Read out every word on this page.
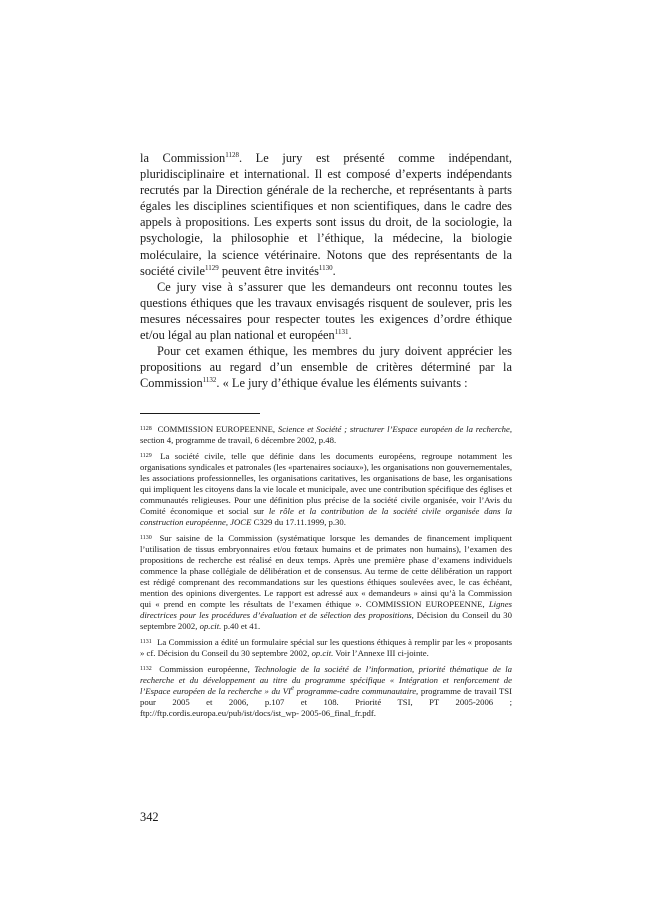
la Commission$^{1128}$. Le jury est présenté comme indépendant, pluridisciplinaire et international. Il est composé d’experts indépendants recrutés par la Direction générale de la recherche, et représentants à parts égales les disciplines scientifiques et non scientifiques, dans le cadre des appels à propositions. Les experts sont issus du droit, de la sociologie, la psychologie, la philosophie et l’éthique, la médecine, la biologie moléculaire, la science vétérinaire. Notons que des représentants de la société civile$^{1129}$ peuvent être invités$^{1130}$.

Ce jury vise à s’assurer que les demandeurs ont reconnu toutes les questions éthiques que les travaux envisagés risquent de soulever, pris les mesures nécessaires pour respecter toutes les exigences d’ordre éthique et/ou légal au plan national et européen$^{1131}$.

Pour cet examen éthique, les membres du jury doivent apprécier les propositions au regard d’un ensemble de critères déterminé par la Commission$^{1132}$. « Le jury d’éthique évalue les éléments suivants :

$^{1128}$ COMMISSION EUROPEENNE, Science et Société ; structurer l’Espace européen de la recherche, section 4, programme de travail, 6 décembre 2002, p.48.

$^{1129}$ La société civile, telle que définie dans les documents européens, regroupe notamment les organisations syndicales et patronales (les «partenaires sociaux»), les organisations non gouvernementales, les associations professionnelles, les organisations caritatives, les organisations de base, les organisations qui impliquent les citoyens dans la vie locale et municipale, avec une contribution spécifique des églises et communautés religieuses. Pour une définition plus précise de la société civile organisée, voir l’Avis du Comité économique et social sur le rôle et la contribution de la société civile organisée dans la construction européenne, JOCE C329 du 17.11.1999, p.30.

$^{1130}$ Sur saisine de la Commission (systématique lorsque les demandes de financement impliquent l’utilisation de tissus embryonnaires et/ou fœtaux humains et de primates non humains), l’examen des propositions de recherche est réalisé en deux temps. Après une première phase d’examens individuels commence la phase collégiale de délibération et de consensus. Au terme de cette délibération un rapport est rédigé comprenant des recommandations sur les questions éthiques soulevées avec, le cas échéant, mention des opinions divergentes. Le rapport est adressé aux « demandeurs » ainsi qu’à la Commission qui « prend en compte les résultats de l’examen éthique ». COMMISSION EUROPEENNE, Lignes directrices pour les procédures d’évaluation et de sélection des propositions, Décision du Conseil du 30 septembre 2002, op.cit. p.40 et 41.

$^{1131}$ La Commission a édité un formulaire spécial sur les questions éthiques à remplir par les « proposants » cf. Décision du Conseil du 30 septembre 2002, op.cit. Voir l’Annexe III ci-jointe.

$^{1132}$ Commission européenne, Technologie de la société de l’information, priorité thématique de la recherche et du développement au titre du programme spécifique « Intégration et renforcement de l’Espace européen de la recherche » du VIe programme-cadre communautaire, programme de travail TSI pour 2005 et 2006, p.107 et 108. Priorité TSI, PT 2005-2006 ; ftp://ftp.cordis.europa.eu/pub/ist/docs/ist_wp- 2005-06_final_fr.pdf.

342
